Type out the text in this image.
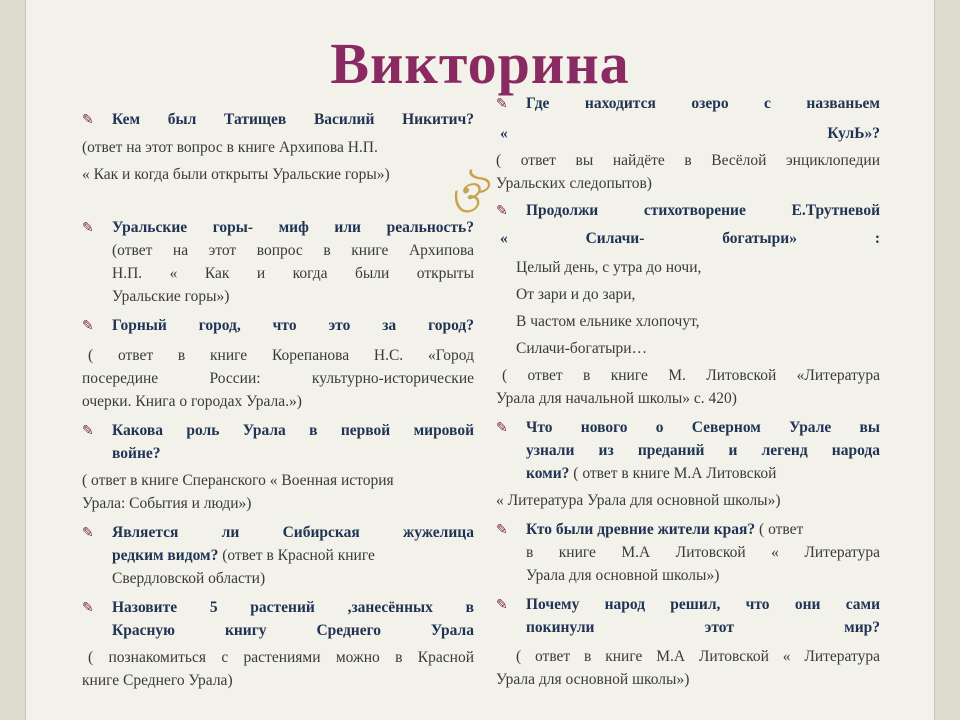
Викторина
ঔ
✎	Кем был Татищев Василий Никитич?
(ответ на этот вопрос в книге Архипова Н.П.
« Как и когда были открыты Уральские горы»)
✎	Уральские горы- миф или реальность?
(ответ на этот вопрос в книге Архипова
Н.П. « Как и когда были открыты
Уральские горы»)
✎	Горный город, что это за город?
( ответ в книге Корепанова Н.С. «Город
посередине России: культурно-исторические
очерки. Книга о городах Урала.»)
✎	Какова роль Урала в первой мировой
войне?
( ответ в книге Сперанского « Военная история
Урала: События и люди»)
✎	Является ли Сибирская жужелица
редким видом? (ответ в Красной книге
Свердловской области)
✎	Назовите 5 растений ,занесённых в
Красную книгу Среднего Урала
( познакомиться с растениями можно в Красной
книге Среднего Урала)
✎	Где находится озеро с названьем
« КулЬ»?
( ответ вы найдёте в Весёлой энциклопедии
Уральских следопытов)
✎	Продолжи стихотворение Е.Трутневой
« Силачи- богатыри» :
Целый день, с утра до ночи,
От зари и до зари,
В частом ельнике хлопочут,
Силачи-богатыри…
( ответ в книге М. Литовской «Литература
Урала для начальной школы» с. 420)
✎	Что нового о Северном Урале вы
узнали из преданий и легенд народа
коми? ( ответ в книге М.А Литовской
« Литература Урала для основной школы»)
✎	Кто были древние жители края? ( ответ
в книге М.А Литовской « Литература
Урала для основной школы»)
✎	Почему народ решил, что они сами
покинули этот мир?
( ответ в книге М.А Литовской « Литература
Урала для основной школы»)
